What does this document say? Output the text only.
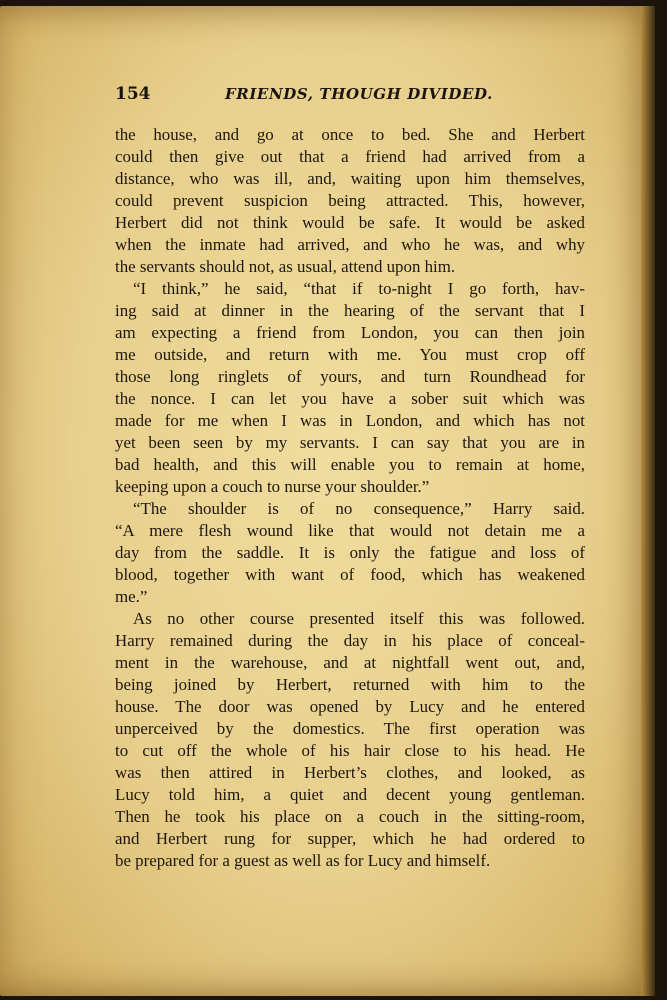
154	FRIENDS, THOUGH DIVIDED.
the house, and go at once to bed. She and Herbert
could then give out that a friend had arrived from a
distance, who was ill, and, waiting upon him themselves,
could prevent suspicion being attracted. This, however,
Herbert did not think would be safe. It would be asked
when the inmate had arrived, and who he was, and why
the servants should not, as usual, attend upon him.
“I think,” he said, “that if to-night I go forth, hav-
ing said at dinner in the hearing of the servant that I
am expecting a friend from London, you can then join
me outside, and return with me. You must crop off
those long ringlets of yours, and turn Roundhead for
the nonce. I can let you have a sober suit which was
made for me when I was in London, and which has not
yet been seen by my servants. I can say that you are in
bad health, and this will enable you to remain at home,
keeping upon a couch to nurse your shoulder.”
“The shoulder is of no consequence,” Harry said.
“A mere flesh wound like that would not detain me a
day from the saddle. It is only the fatigue and loss of
blood, together with want of food, which has weakened
me.”
As no other course presented itself this was followed.
Harry remained during the day in his place of conceal-
ment in the warehouse, and at nightfall went out, and,
being joined by Herbert, returned with him to the
house. The door was opened by Lucy and he entered
unperceived by the domestics. The first operation was
to cut off the whole of his hair close to his head. He
was then attired in Herbert’s clothes, and looked, as
Lucy told him, a quiet and decent young gentleman.
Then he took his place on a couch in the sitting-room,
and Herbert rung for supper, which he had ordered to
be prepared for a guest as well as for Lucy and himself.
